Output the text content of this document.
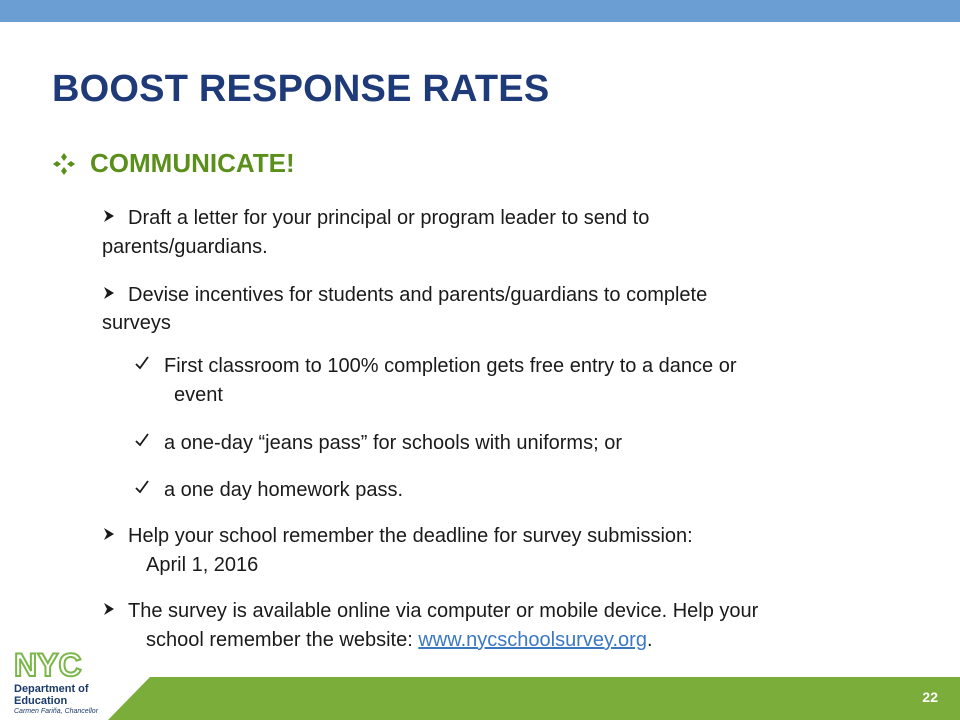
BOOST RESPONSE RATES
COMMUNICATE!
Draft a letter for your principal or program leader to send to
parents/guardians.
Devise incentives for students and parents/guardians to complete
surveys
First classroom to 100% completion gets free entry to a dance or
event
a one-day “jeans pass” for schools with uniforms; or
a one day homework pass.
Help your school remember the deadline for survey submission:
April 1, 2016
The survey is available online via computer or mobile device. Help your
school remember the website: www.nycschoolsurvey.org.
22
NYC
Department of
Education
Carmen Fariña, Chancellor
